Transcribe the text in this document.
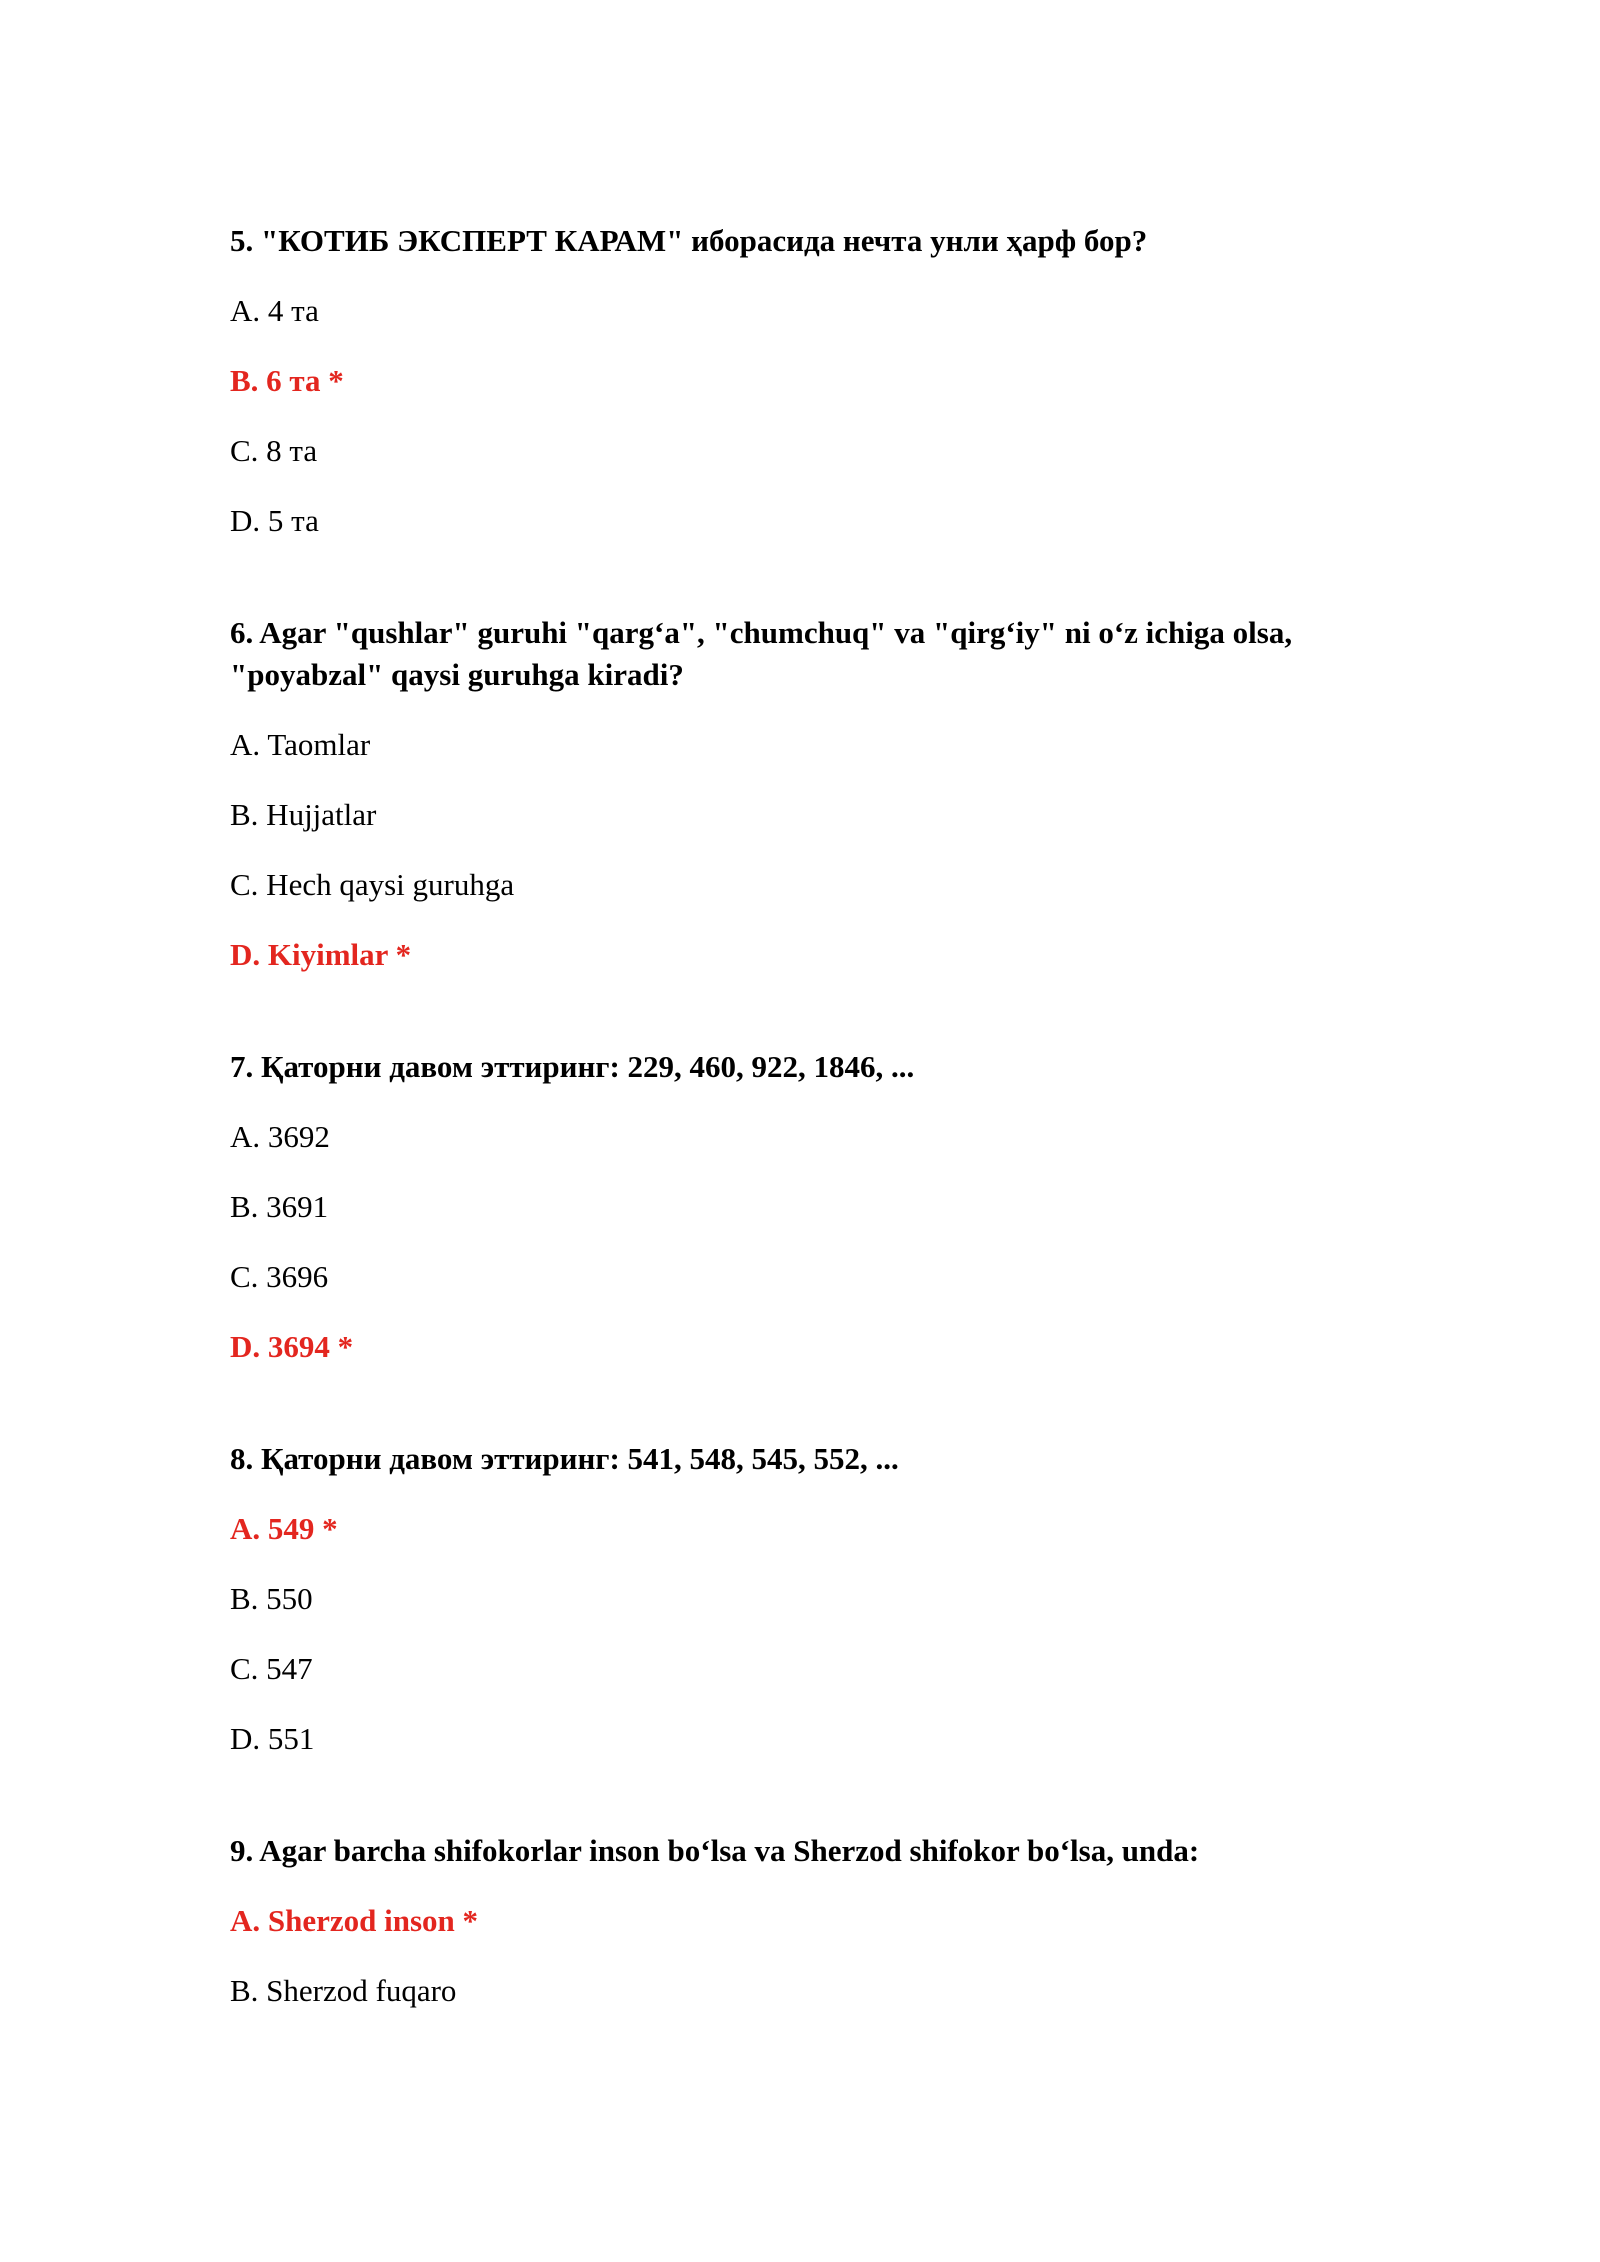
5. "КОТИБ ЭКСПЕРТ КАРАМ" иборасида нечта унли ҳарф бор?

A. 4 та

B. 6 та *

C. 8 та

D. 5 та

6. Agar "qushlar" guruhi "qarg‘a", "chumchuq" va "qirg‘iy" ni o‘z ichiga olsa, "poyabzal" qaysi guruhga kiradi?

A. Taomlar

B. Hujjatlar

C. Hech qaysi guruhga

D. Kiyimlar *

7. Қаторни давом эттиринг: 229, 460, 922, 1846, ...

A. 3692

B. 3691

C. 3696

D. 3694 *

8. Қаторни давом эттиринг: 541, 548, 545, 552, ...

A. 549 *

B. 550

C. 547

D. 551

9. Agar barcha shifokorlar inson bo‘lsa va Sherzod shifokor bo‘lsa, unda:

A. Sherzod inson *

B. Sherzod fuqaro
